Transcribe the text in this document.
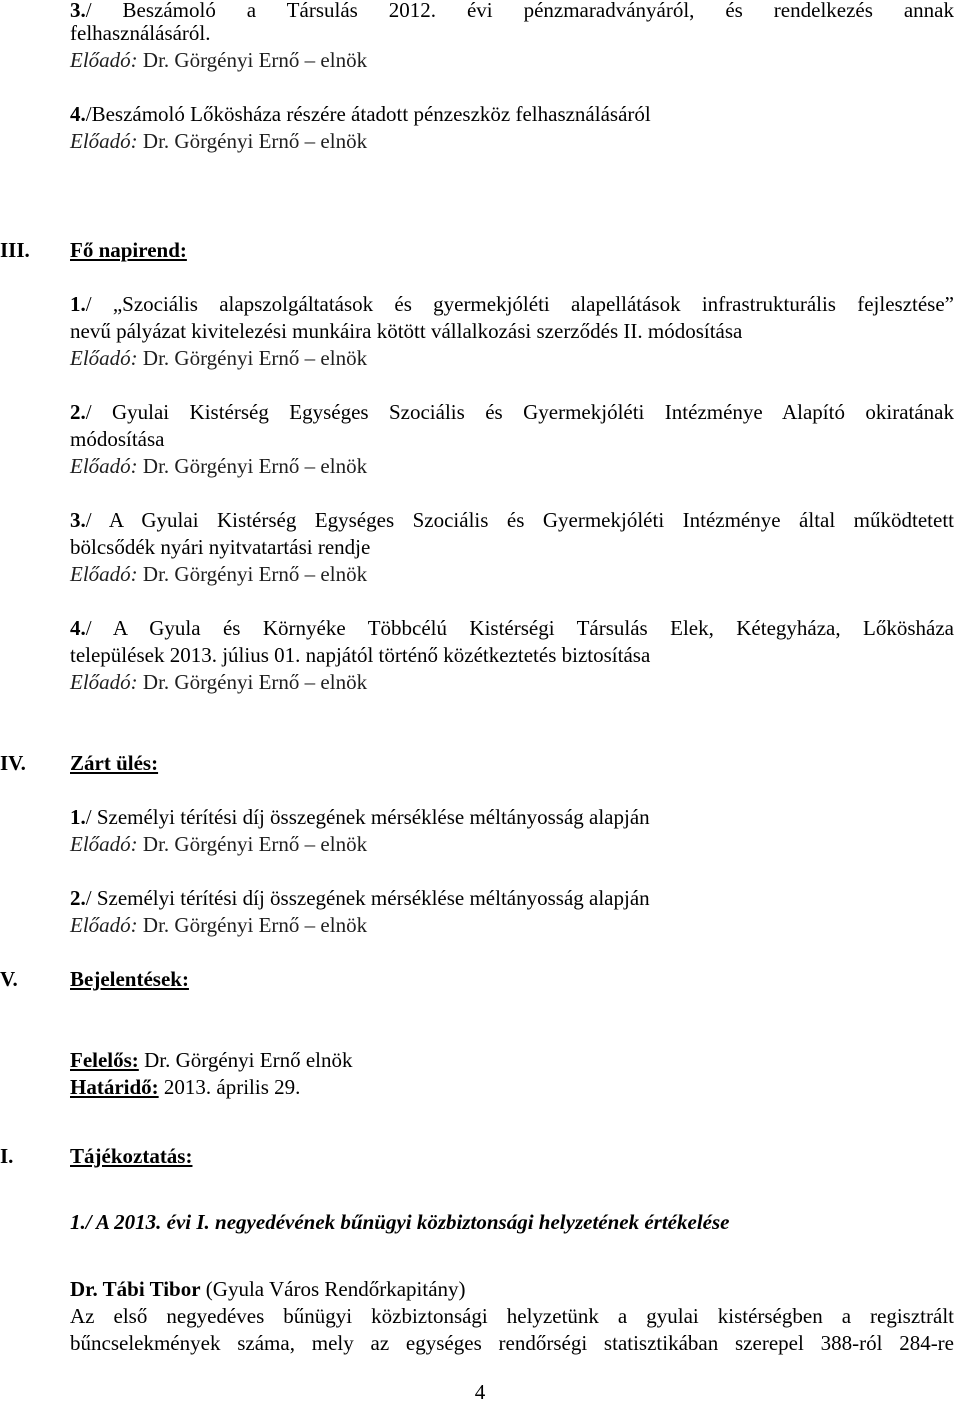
3./ Beszámoló a Társulás 2012. évi pénzmaradványáról, és rendelkezés annak
felhasználásáról.
Előadó: Dr. Görgényi Ernő – elnök
4./Beszámoló Lőkösháza részére átadott pénzeszköz felhasználásáról
Előadó: Dr. Görgényi Ernő – elnök
III. Fő napirend:
1./ „Szociális alapszolgáltatások és gyermekjóléti alapellátások infrastrukturális fejlesztése”
nevű pályázat kivitelezési munkáira kötött vállalkozási szerződés II. módosítása
Előadó: Dr. Görgényi Ernő – elnök
2./ Gyulai Kistérség Egységes Szociális és Gyermekjóléti Intézménye Alapító okiratának
módosítása
Előadó: Dr. Görgényi Ernő – elnök
3./ A Gyulai Kistérség Egységes Szociális és Gyermekjóléti Intézménye által működtetett
bölcsődék nyári nyitvatartási rendje
Előadó: Dr. Görgényi Ernő – elnök
4./ A Gyula és Környéke Többcélú Kistérségi Társulás Elek, Kétegyháza, Lőkösháza
települések 2013. július 01. napjától történő közétkeztetés biztosítása
Előadó: Dr. Görgényi Ernő – elnök
IV. Zárt ülés:
1./ Személyi térítési díj összegének mérséklése méltányosság alapján
Előadó: Dr. Görgényi Ernő – elnök
2./ Személyi térítési díj összegének mérséklése méltányosság alapján
Előadó: Dr. Görgényi Ernő – elnök
V. Bejelentések:
Felelős: Dr. Görgényi Ernő elnök
Határidő: 2013. április 29.
I.	Tájékoztatás:
1./ A 2013. évi I. negyedévének bűnügyi közbiztonsági helyzetének értékelése
Dr. Tábi Tibor (Gyula Város Rendőrkapitány)
Az első negyedéves bűnügyi közbiztonsági helyzetünk a gyulai kistérségben a regisztrált
bűncselekmények száma, mely az egységes rendőrségi statisztikában szerepel 388-ról 284-re
4
